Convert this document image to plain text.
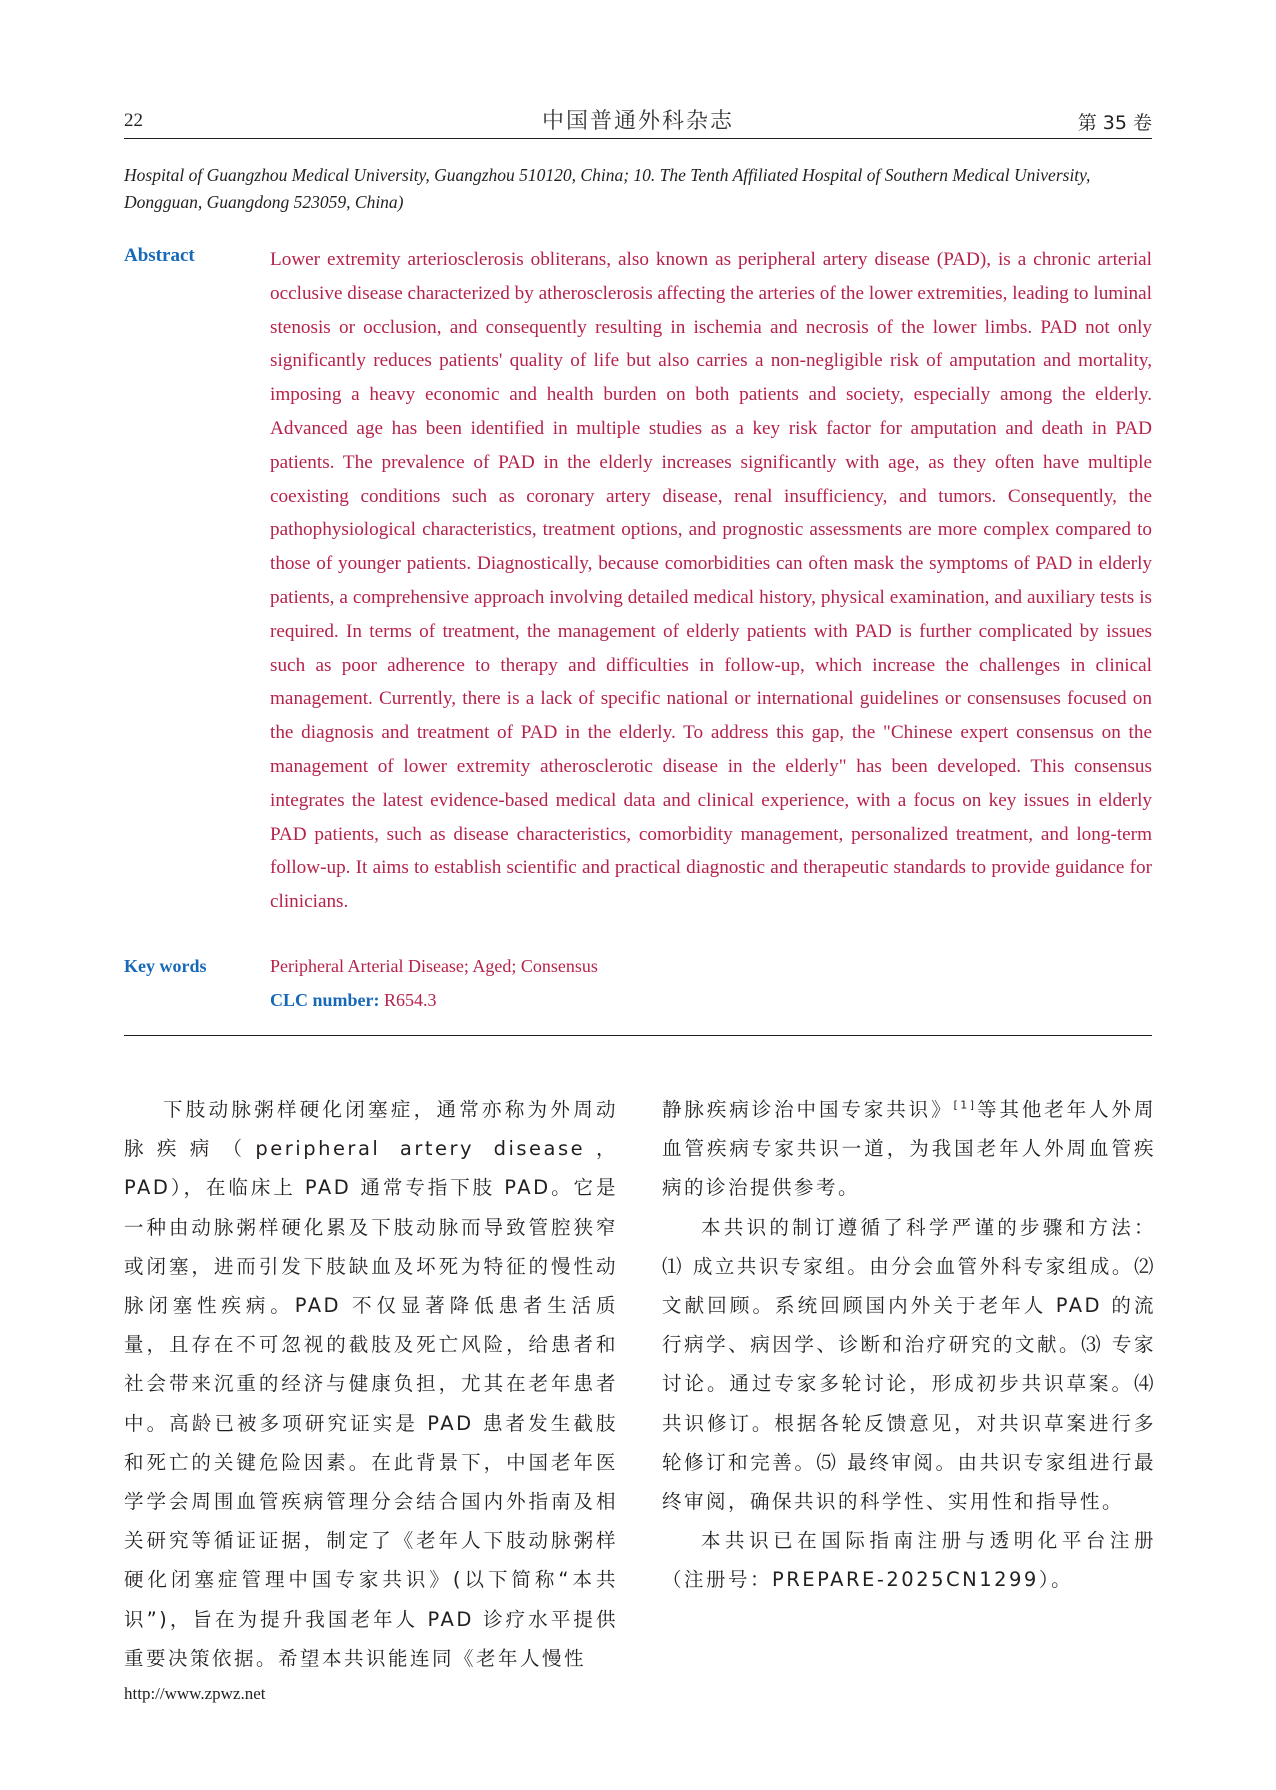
22	中国普通外科杂志	第 35 卷
Hospital of Guangzhou Medical University, Guangzhou 510120, China; 10. The Tenth Affiliated Hospital of Southern Medical University, Dongguan, Guangdong 523059, China)
Abstract	Lower extremity arteriosclerosis obliterans, also known as peripheral artery disease (PAD), is a chronic arterial occlusive disease characterized by atherosclerosis affecting the arteries of the lower extremities, leading to luminal stenosis or occlusion, and consequently resulting in ischemia and necrosis of the lower limbs. PAD not only significantly reduces patients' quality of life but also carries a non-negligible risk of amputation and mortality, imposing a heavy economic and health burden on both patients and society, especially among the elderly. Advanced age has been identified in multiple studies as a key risk factor for amputation and death in PAD patients. The prevalence of PAD in the elderly increases significantly with age, as they often have multiple coexisting conditions such as coronary artery disease, renal insufficiency, and tumors. Consequently, the pathophysiological characteristics, treatment options, and prognostic assessments are more complex compared to those of younger patients. Diagnostically, because comorbidities can often mask the symptoms of PAD in elderly patients, a comprehensive approach involving detailed medical history, physical examination, and auxiliary tests is required. In terms of treatment, the management of elderly patients with PAD is further complicated by issues such as poor adherence to therapy and difficulties in follow-up, which increase the challenges in clinical management. Currently, there is a lack of specific national or international guidelines or consensuses focused on the diagnosis and treatment of PAD in the elderly. To address this gap, the "Chinese expert consensus on the management of lower extremity atherosclerotic disease in the elderly" has been developed. This consensus integrates the latest evidence-based medical data and clinical experience, with a focus on key issues in elderly PAD patients, such as disease characteristics, comorbidity management, personalized treatment, and long-term follow-up. It aims to establish scientific and practical diagnostic and therapeutic standards to provide guidance for clinicians.

Key words	Peripheral Arterial Disease; Aged; Consensus
CLC number: R654.3

下肢动脉粥样硬化闭塞症，通常亦称为外周动脉疾病（peripheral artery disease，PAD），在临床上 PAD 通常专指下肢 PAD。它是一种由动脉粥样硬化累及下肢动脉而导致管腔狭窄或闭塞，进而引发下肢缺血及坏死为特征的慢性动脉闭塞性疾病。PAD 不仅显著降低患者生活质量，且存在不可忽视的截肢及死亡风险，给患者和社会带来沉重的经济与健康负担，尤其在老年患者中。高龄已被多项研究证实是 PAD 患者发生截肢和死亡的关键危险因素。在此背景下，中国老年医学学会周围血管疾病管理分会结合国内外指南及相关研究等循证证据，制定了《老年人下肢动脉粥样硬化闭塞症管理中国专家共识》(以下简称“本共识”)，旨在为提升我国老年人 PAD 诊疗水平提供重要决策依据。希望本共识能连同《老年人慢性

静脉疾病诊治中国专家共识》[1]等其他老年人外周血管疾病专家共识一道，为我国老年人外周血管疾病的诊治提供参考。

本共识的制订遵循了科学严谨的步骤和方法：⑴ 成立共识专家组。由分会血管外科专家组成。⑵ 文献回顾。系统回顾国内外关于老年人 PAD 的流行病学、病因学、诊断和治疗研究的文献。⑶ 专家讨论。通过专家多轮讨论，形成初步共识草案。⑷ 共识修订。根据各轮反馈意见，对共识草案进行多轮修订和完善。⑸ 最终审阅。由共识专家组进行最终审阅，确保共识的科学性、实用性和指导性。

本共识已在国际指南注册与透明化平台注册（注册号：PREPARE-2025CN1299）。

http://www.zpwz.net
